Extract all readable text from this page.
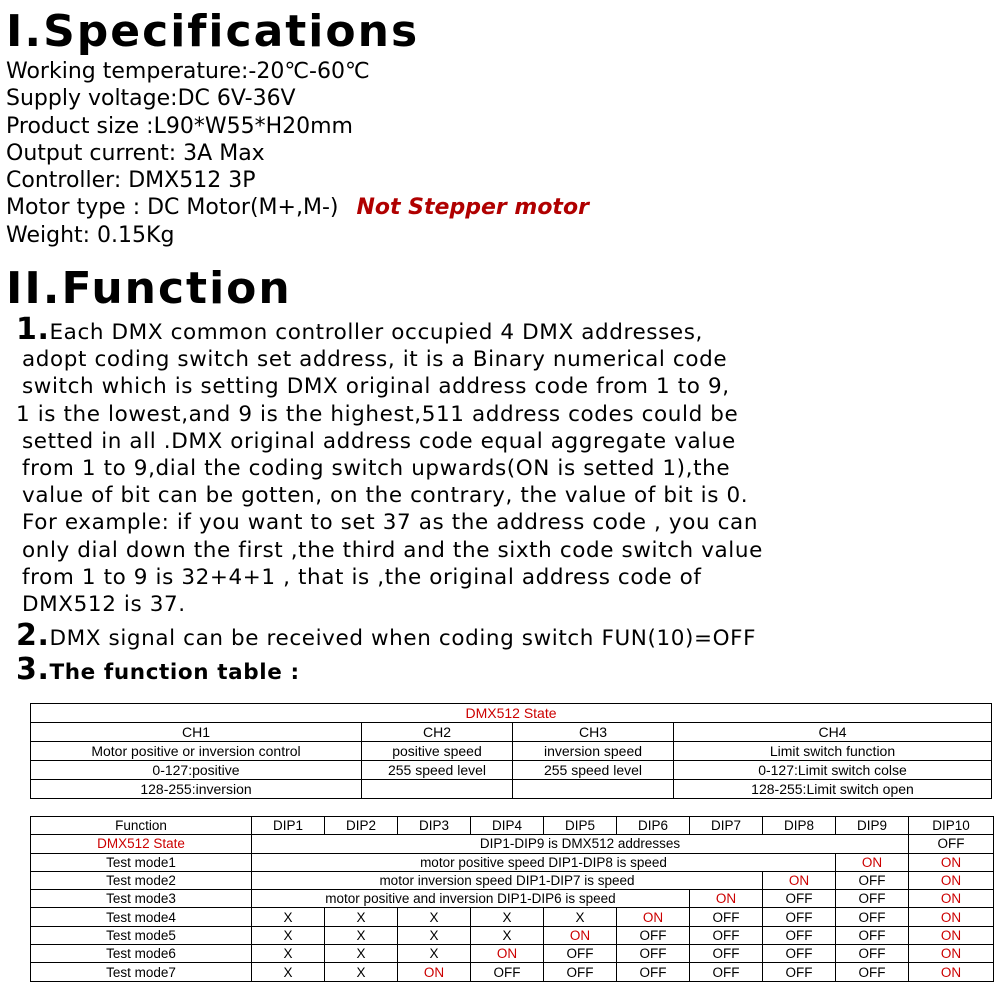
I.Specifications
Working temperature:-20℃-60℃
Supply voltage:DC 6V-36V
Product size :L90*W55*H20mm
Output current: 3A Max
Controller: DMX512 3P
Motor type : DC Motor(M+,M-) Not Stepper motor
Weight: 0.15Kg
II.Function
1.Each DMX common controller occupied 4 DMX addresses,
adopt coding switch set address, it is a Binary numerical code
switch which is setting DMX original address code from 1 to 9,
1 is the lowest,and 9 is the highest,511 address codes could be
setted in all .DMX original address code equal aggregate value
from 1 to 9,dial the coding switch upwards(ON is setted 1),the
value of bit can be gotten, on the contrary, the value of bit is 0.
For example: if you want to set 37 as the address code , you can
only dial down the first ,the third and the sixth code switch value
from 1 to 9 is 32+4+1 , that is ,the original address code of
DMX512 is 37.
2.DMX signal can be received when coding switch FUN(10)=OFF
3.The function table :
DMX512 State			
CH1	CH2	CH3	CH4
Motor positive or inversion control	positive speed	inversion speed	Limit switch function
0-127:positive	255 speed level	255 speed level	0-127:Limit switch colse
128-255:inversion			128-255:Limit switch open
Function	DIP1	DIP2	DIP3	DIP4	DIP5	DIP6	DIP7	DIP8	DIP9	DIP10
DMX512 State	DIP1-DIP9 is DMX512 addresses									OFF
Test mode1	motor positive speed DIP1-DIP8 is speed								ON	ON
Test mode2	motor inversion speed DIP1-DIP7 is speed							ON	OFF	ON
Test mode3	motor positive and inversion DIP1-DIP6 is speed						ON	OFF	OFF	ON
Test mode4	X	X	X	X	X	ON	OFF	OFF	OFF	ON
Test mode5	X	X	X	X	ON	OFF	OFF	OFF	OFF	ON
Test mode6	X	X	X	ON	OFF	OFF	OFF	OFF	OFF	ON
Test mode7	X	X	ON	OFF	OFF	OFF	OFF	OFF	OFF	ON
